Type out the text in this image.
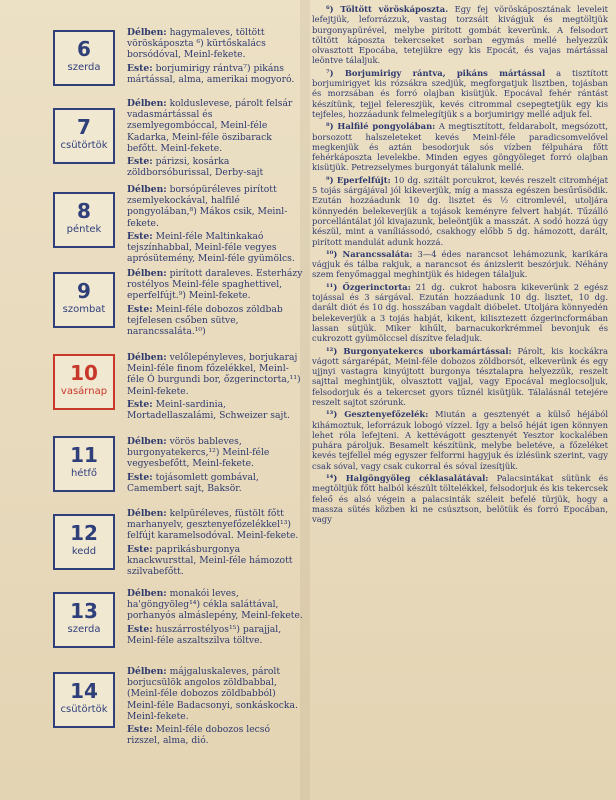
6
szerda

Délben: hagymaleves, töltött vöröskáposzta ⁶) kürtőskalács borsódóval, Meinl-fekete.

Este: borjumirigy rántva⁷) pikáns mártással, alma, amerikai mogyoró.

7
csütörtök

Délben: kolduslevese, párolt felsár vadasmártással és zsemlyegombóccal, Meinl-féle Kadarka, Meinl-féle öszibarack befőtt. Meinl-fekete.

Este: párizsi, kosárka zöldborsóburissal, Derby-sajt

8
péntek

Délben: borsópüréleves pirított zsemlyekockával, halfilé pongyolában,⁸) Mákos csik, Meinl-fekete.

Este: Meinl-féle Maltinkakaó tejszínhabbal, Meinl-féle vegyes aprósütemény, Meinl-féle gyümölcs.

9
szombat

Délben: pirított daraleves. Esterházy rostélyos Meinl-féle spaghettivel, eperfelfújt.⁹) Meinl-fekete.

Este: Meinl-féle dobozos zöldbab tejfelesen csőben sütve, narancssaláta.¹⁰)

10
vasárnap

Délben: velőlepényleves, borjukaraj Meinl-féle finom főzelékkel, Meinl-féle Ó burgundi bor, őzgerinctorta,¹¹) Meinl-fekete.

Este: Meinl-sardinia, Mortadellaszalámi, Schweizer sajt.

11
hétfő

Délben: vörös bableves, burgonyatekercs,¹²) Meinl-féle vegyesbefőtt, Meinl-fekete.

Este: tojásomlett gombával, Camembert sajt, Baksör.

12
kedd

Délben: kelpüréleves, füstölt főtt marhanyelv, gesztenyefőzelékkel¹³) felfújt karamelsodóval. Meinl-fekete.

Este: paprikásburgonya knackwursttal, Meinl-féle hámozott szilvabefőtt.

13
szerda

Délben: monakói leves, ha'göngyöleg¹⁴) cékla saláttával, porhanyós almáslepény, Meinl-fekete.

Este: huszárrostélyos¹⁵) parajjal, Meinl-féle aszaltszilva töltve.

14
csütörtök

Délben: májgaluskaleves, párolt borjucsülök angolos zöldbabbal, (Meinl-féle dobozos zöldbabból) Meinl-féle Badacsonyi, sonkáskocka. Meinl-fekete.

Este: Meinl-féle dobozos lecsó rizszel, alma, dió.

⁶) Töltött vöröskáposzta. Egy fej vöröskáposztának leveleit lefejtjük, leforrázzuk, vastag torzsáit kivágjuk és megtöltjük burgonyapürével, melybe pirított gombát keverünk. A felsodort töltött káposzta tekercseket sorban egymás mellé helyezzük olvasztott Epocába, tetejükre egy kis Epocát, és vajas mártással leöntve tálaljuk.

⁷) Borjumirigy rántva, pikáns mártással a tisztított borjumirigyet kis rózsákra szedjük, megforgatjuk lisztben, tojásban és morzsában és forró olajban kisütjük. Epocával fehér rántást készítünk, tejjel felereszjük, kevés citrommal csepegtetjük egy kis tejfeles, hozzáadunk felmelegítjük s a borjumirigy mellé adjuk fel.

⁸) Halfilé pongyolában: A megtisztított, feldarabolt, megsózott, borsozott halszeleteket kevés Meinl-féle paradicsomvelővel megkenjük és aztán besodorjuk sós vízben félpuhára főtt fehérkáposzta levelekbe. Minden egyes göngyöleget forró olajban kisütjük. Petrezselymes burgonyát tálalunk mellé.

⁹) Eperfelfújt: 10 dg. szitált porcukrot, kevés reszelt citromhéjat 5 tojás sárgájával jól kikeverjük, míg a massza egészen besűrűsödik. Ezután hozzáadunk 10 dg. lisztet és ½ citromlevél, utoljára könnyedén belekeverjük a tojások keményre felvert habját. Tűzálló porcellántálat jól kivajazunk, beleöntjük a masszát. A sodó hozzá úgy készül, mint a vaníliássodó, csakhogy előbb 5 dg. hámozott, darált, pirított mandulát adunk hozzá.

¹⁰) Narancssaláta: 3—4 édes narancsot lehámozunk, karikára vágjuk és tálba rakjuk, a narancsot és ánizslerit beszórjuk. Néhány szem fenyőmaggal meghintjük és hidegen tálaljuk.

¹¹) Őzgerinctorta: 21 dg. cukrot habosra kikeverünk 2 egész tojással és 3 sárgával. Ezután hozzáadunk 10 dg. lisztet, 10 dg. darált diót és 10 dg. hosszában vagdalt dióbelet. Utoljára könnyedén belekeverjük a 3 tojás habját, kikent, kilisztezett őzgerincformában lassan sütjük. Miker kihűlt, barnacukorkrémmel bevonjuk és cukrozott gyümölccsel díszítve feladjuk.

¹²) Burgonyatekercs uborkamártással: Párolt, kis kockákra vágott sárgarépát, Meinl-féle dobozos zöldborsót, elkeverünk és egy ujjnyi vastagra kinyújtott burgonya tésztalapra helyezzük, reszelt sajttal meghintjük, olvasztott vajjal, vagy Epocával meglocsoljuk, felsodorjuk és a tekercset gyors tűznél kisütjük. Tálalásnál tetejére reszelt sajtot szórunk.

¹³) Gesztenyefőzelék: Miután a gesztenyét a külső héjából kihámoztuk, leforrázuk lobogó vízzel. Így a belső héját igen könnyen lehet róla lefejteni. A kettévágott gesztenyét Yesztor kockalében puhára pároljuk. Besamelt készítünk, melybe beletéve, a főzeléket kevés tejfellel még egyszer felforrni hagyjuk és ízlésünk szerint, vagy csak sóval, vagy csak cukorral és sóval ízesítjük.

¹⁴) Halgöngyöleg céklasalátával: Palacsintákat sütünk és megtöltjük főtt halból készült töltelékkel, felsodorjuk és kis tekercsek feleő és alsó végein a palacsinták széleit befelé türjük, hogy a massza sütés közben ki ne csúsztson, belötük és forró Epocában, vagy
